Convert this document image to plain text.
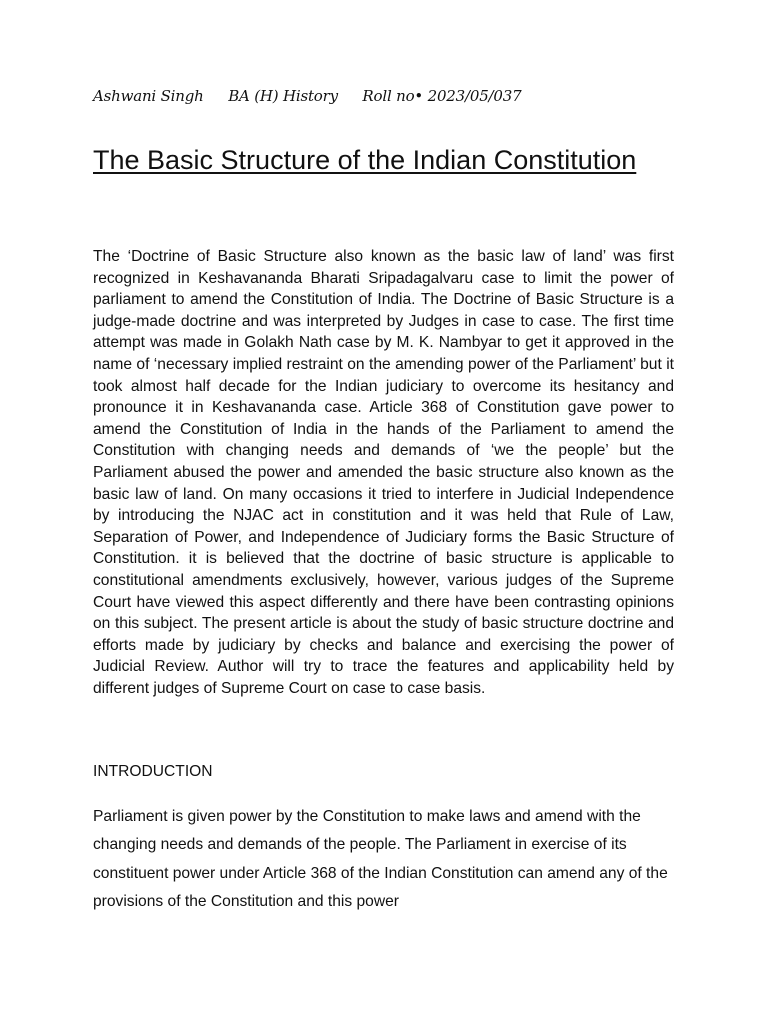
Ashwani Singh BA (H) History Roll no• 2023/05/037
The Basic Structure of the Indian Constitution

The ‘Doctrine of Basic Structure also known as the basic law of land’ was first recognized in Keshavananda Bharati Sripadagalvaru case to limit the power of parliament to amend the Constitution of India. The Doctrine of Basic Structure is a judge-made doctrine and was interpreted by Judges in case to case. The first time attempt was made in Golakh Nath case by M. K. Nambyar to get it approved in the name of ‘necessary implied restraint on the amending power of the Parliament’ but it took almost half decade for the Indian judiciary to overcome its hesitancy and pronounce it in Keshavananda case. Article 368 of Constitution gave power to amend the Constitution of India in the hands of the Parliament to amend the Constitution with changing needs and demands of ‘we the people’ but the Parliament abused the power and amended the basic structure also known as the basic law of land. On many occasions it tried to interfere in Judicial Independence by introducing the NJAC act in constitution and it was held that Rule of Law, Separation of Power, and Independence of Judiciary forms the Basic Structure of Constitution. it is believed that the doctrine of basic structure is applicable to constitutional amendments exclusively, however, various judges of the Supreme Court have viewed this aspect differently and there have been contrasting opinions on this subject. The present article is about the study of basic structure doctrine and efforts made by judiciary by checks and balance and exercising the power of Judicial Review. Author will try to trace the features and applicability held by different judges of Supreme Court on case to case basis.

INTRODUCTION

Parliament is given power by the Constitution to make laws and amend with the changing needs and demands of the people. The Parliament in exercise of its constituent power under Article 368 of the Indian Constitution can amend any of the provisions of the Constitution and this power
